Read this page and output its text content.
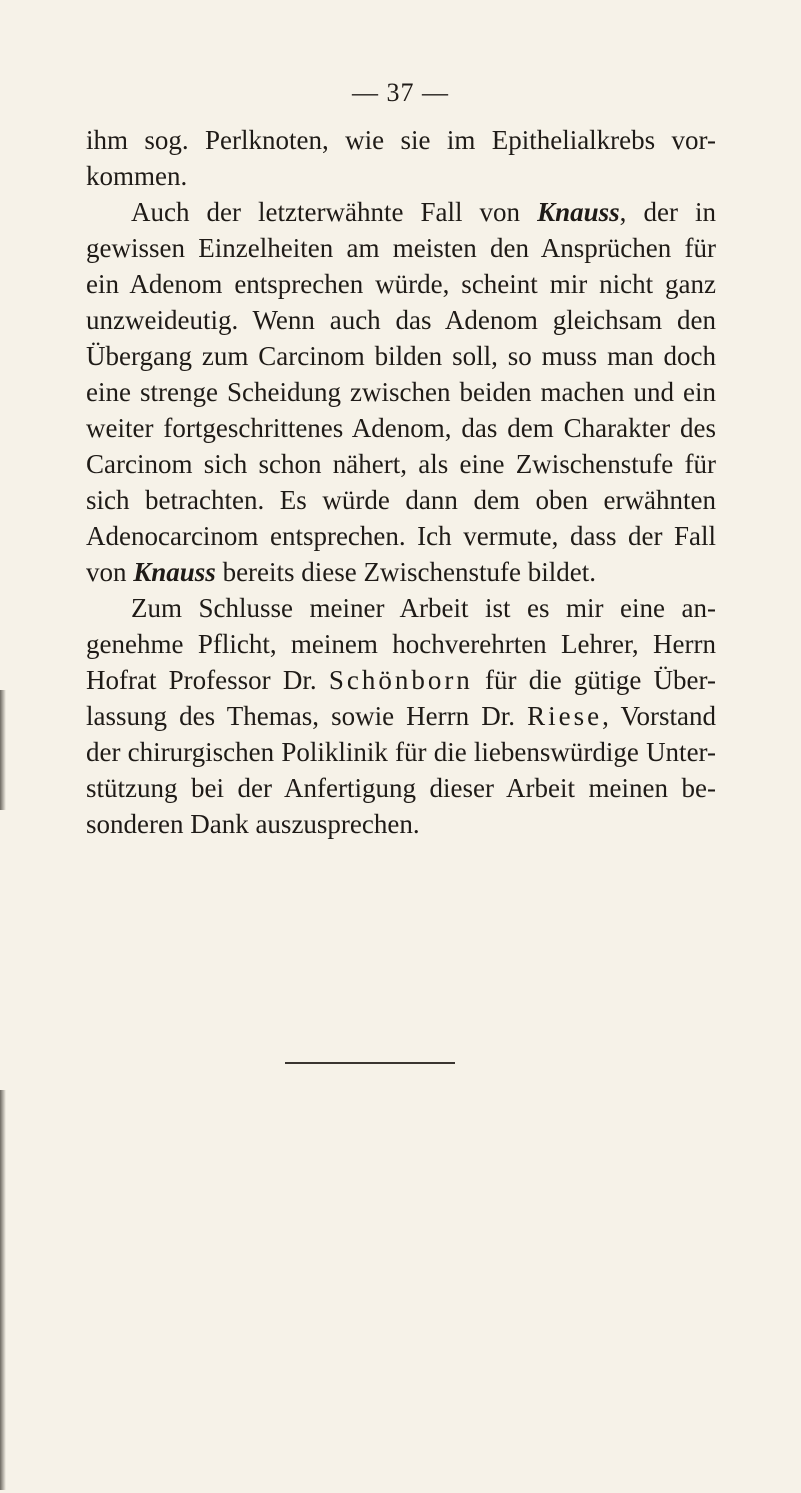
— 37 —
ihm sog. Perlknoten, wie sie im Epithelialkrebs vor-
kommen.
Auch der letzterwähnte Fall von Knauss, der in
gewissen Einzelheiten am meisten den Ansprüchen für
ein Adenom entsprechen würde, scheint mir nicht ganz
unzweideutig. Wenn auch das Adenom gleichsam den
Übergang zum Carcinom bilden soll, so muss man doch
eine strenge Scheidung zwischen beiden machen und ein
weiter fortgeschrittenes Adenom, das dem Charakter des
Carcinom sich schon nähert, als eine Zwischenstufe für
sich betrachten. Es würde dann dem oben erwähnten
Adenocarcinom entsprechen. Ich vermute, dass der Fall
von Knauss bereits diese Zwischenstufe bildet.
Zum Schlusse meiner Arbeit ist es mir eine an-
genehme Pflicht, meinem hochverehrten Lehrer, Herrn
Hofrat Professor Dr. Schönborn für die gütige Über-
lassung des Themas, sowie Herrn Dr. Riese, Vorstand
der chirurgischen Poliklinik für die liebenswürdige Unter-
stützung bei der Anfertigung dieser Arbeit meinen be-
sonderen Dank auszusprechen.
